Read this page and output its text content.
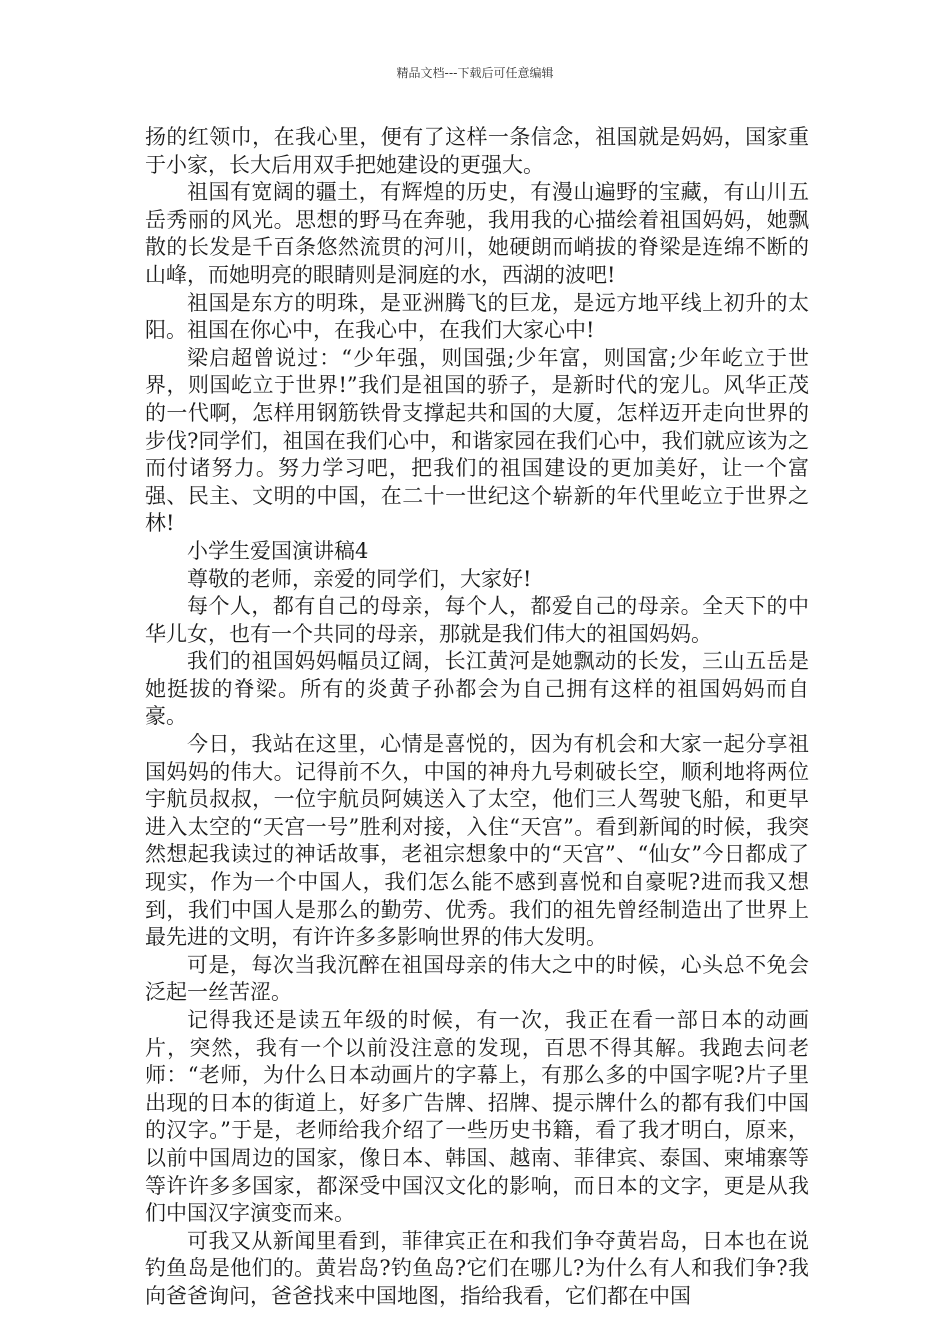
精品文档---下载后可任意编辑

扬的红领巾，在我心里，便有了这样一条信念，祖国就是妈妈，国家重于小家，长大后用双手把她建设的更强大。

祖国有宽阔的疆土，有辉煌的历史，有漫山遍野的宝藏，有山川五岳秀丽的风光。思想的野马在奔驰，我用我的心描绘着祖国妈妈，她飘散的长发是千百条悠然流贯的河川，她硬朗而峭拔的脊梁是连绵不断的山峰，而她明亮的眼睛则是洞庭的水，西湖的波吧!

祖国是东方的明珠，是亚洲腾飞的巨龙，是远方地平线上初升的太阳。祖国在你心中，在我心中，在我们大家心中!

梁启超曾说过：“少年强，则国强;少年富，则国富;少年屹立于世界，则国屹立于世界!”我们是祖国的骄子，是新时代的宠儿。风华正茂的一代啊，怎样用钢筋铁骨支撑起共和国的大厦，怎样迈开走向世界的步伐?同学们，祖国在我们心中，和谐家园在我们心中，我们就应该为之而付诸努力。努力学习吧，把我们的祖国建设的更加美好，让一个富强、民主、文明的中国，在二十一世纪这个崭新的年代里屹立于世界之林!

小学生爱国演讲稿4

尊敬的老师，亲爱的同学们，大家好!

每个人，都有自己的母亲，每个人，都爱自己的母亲。全天下的中华儿女，也有一个共同的母亲，那就是我们伟大的祖国妈妈。

我们的祖国妈妈幅员辽阔，长江黄河是她飘动的长发，三山五岳是她挺拔的脊梁。所有的炎黄子孙都会为自己拥有这样的祖国妈妈而自豪。

今日，我站在这里，心情是喜悦的，因为有机会和大家一起分享祖国妈妈的伟大。记得前不久，中国的神舟九号刺破长空，顺利地将两位宇航员叔叔，一位宇航员阿姨送入了太空，他们三人驾驶飞船，和更早进入太空的“天宫一号”胜利对接，入住“天宫”。看到新闻的时候，我突然想起我读过的神话故事，老祖宗想象中的“天宫”、“仙女”今日都成了现实，作为一个中国人，我们怎么能不感到喜悦和自豪呢?进而我又想到，我们中国人是那么的勤劳、优秀。我们的祖先曾经制造出了世界上最先进的文明，有许许多多影响世界的伟大发明。

可是，每次当我沉醉在祖国母亲的伟大之中的时候，心头总不免会泛起一丝苦涩。

记得我还是读五年级的时候，有一次，我正在看一部日本的动画片，突然，我有一个以前没注意的发现，百思不得其解。我跑去问老师：“老师，为什么日本动画片的字幕上，有那么多的中国字呢?片子里出现的日本的街道上，好多广告牌、招牌、提示牌什么的都有我们中国的汉字。”于是，老师给我介绍了一些历史书籍，看了我才明白，原来，以前中国周边的国家，像日本、韩国、越南、菲律宾、泰国、柬埔寨等等许许多多国家，都深受中国汉文化的影响，而日本的文字，更是从我们中国汉字演变而来。

可我又从新闻里看到，菲律宾正在和我们争夺黄岩岛，日本也在说钓鱼岛是他们的。黄岩岛?钓鱼岛?它们在哪儿?为什么有人和我们争?我向爸爸询问，爸爸找来中国地图，指给我看，它们都在中国
